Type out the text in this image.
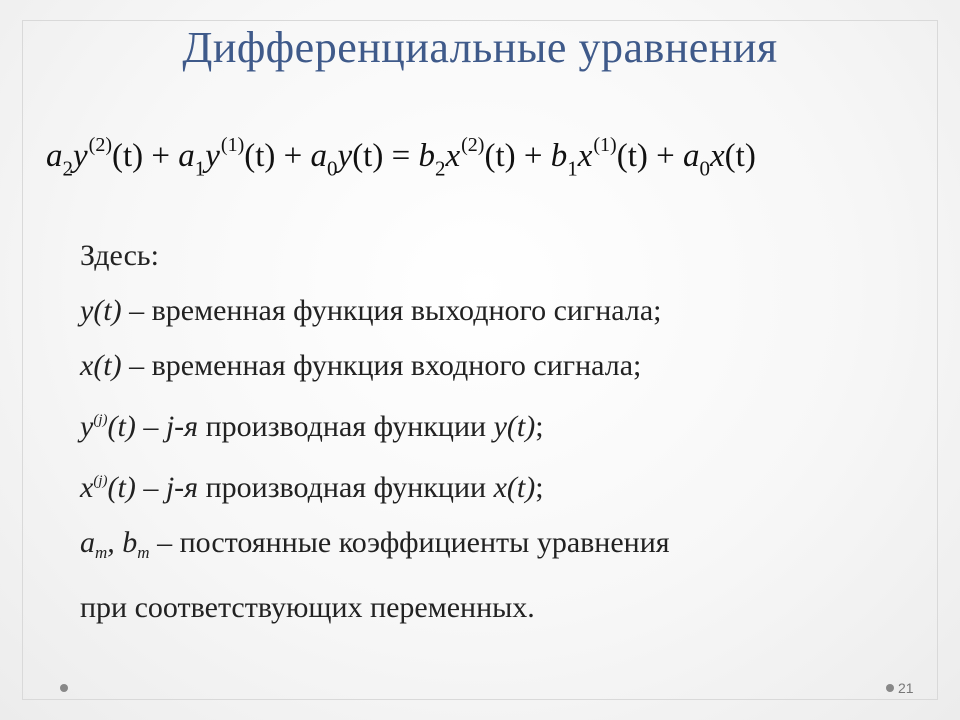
Дифференциальные уравнения
$a_2y^{(2)}(t) + a_1y^{(1)}(t) + a_0y(t) = b_2x^{(2)}(t) + b_1x^{(1)}(t) + a_0x(t)$
Здесь:
y(t) – временная функция выходного сигнала;
x(t) – временная функция входного сигнала;
$y^{(j)}(t) - j-я$ производная функции y(t);
$x^{(j)}(t) - j-я$ производная функции x(t);
$a_m$, $b_m$ – постоянные коэффициенты уравнения
при соответствующих переменных.
21
